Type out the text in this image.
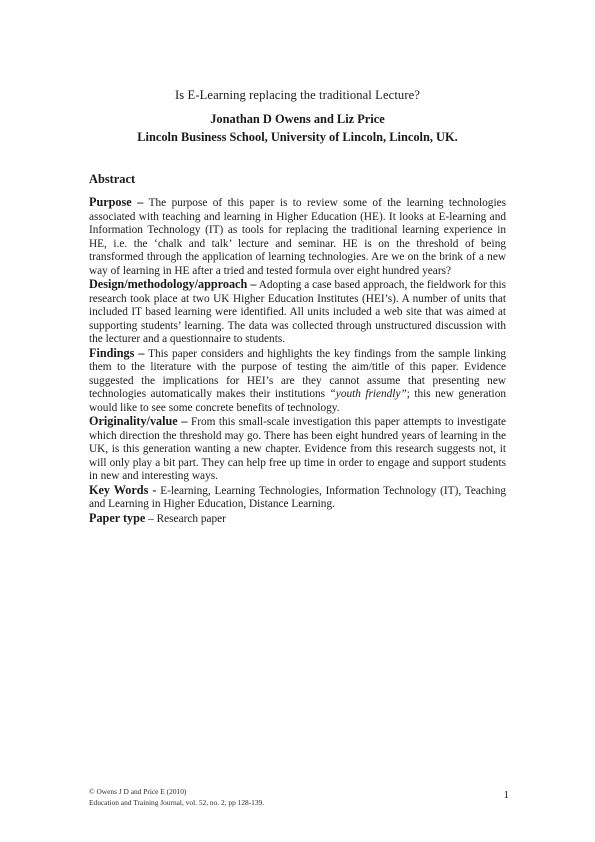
Is E-Learning replacing the traditional Lecture?
Jonathan D Owens and Liz Price
Lincoln Business School, University of Lincoln, Lincoln, UK.
Abstract

Purpose – The purpose of this paper is to review some of the learning technologies associated with teaching and learning in Higher Education (HE). It looks at E-learning and Information Technology (IT) as tools for replacing the traditional learning experience in HE, i.e. the ‘chalk and talk’ lecture and seminar. HE is on the threshold of being transformed through the application of learning technologies. Are we on the brink of a new way of learning in HE after a tried and tested formula over eight hundred years?

Design/methodology/approach – Adopting a case based approach, the fieldwork for this research took place at two UK Higher Education Institutes (HEI’s). A number of units that included IT based learning were identified. All units included a web site that was aimed at supporting students’ learning. The data was collected through unstructured discussion with the lecturer and a questionnaire to students.

Findings – This paper considers and highlights the key findings from the sample linking them to the literature with the purpose of testing the aim/title of this paper. Evidence suggested the implications for HEI’s are they cannot assume that presenting new technologies automatically makes their institutions “youth friendly”; this new generation would like to see some concrete benefits of technology.

Originality/value – From this small-scale investigation this paper attempts to investigate which direction the threshold may go. There has been eight hundred years of learning in the UK, is this generation wanting a new chapter. Evidence from this research suggests not, it will only play a bit part. They can help free up time in order to engage and support students in new and interesting ways.

Key Words - E-learning, Learning Technologies, Information Technology (IT), Teaching and Learning in Higher Education, Distance Learning.

Paper type – Research paper

© Owens J D and Price E (2010)
Education and Training Journal, vol. 52, no. 2, pp 128-139.
1
